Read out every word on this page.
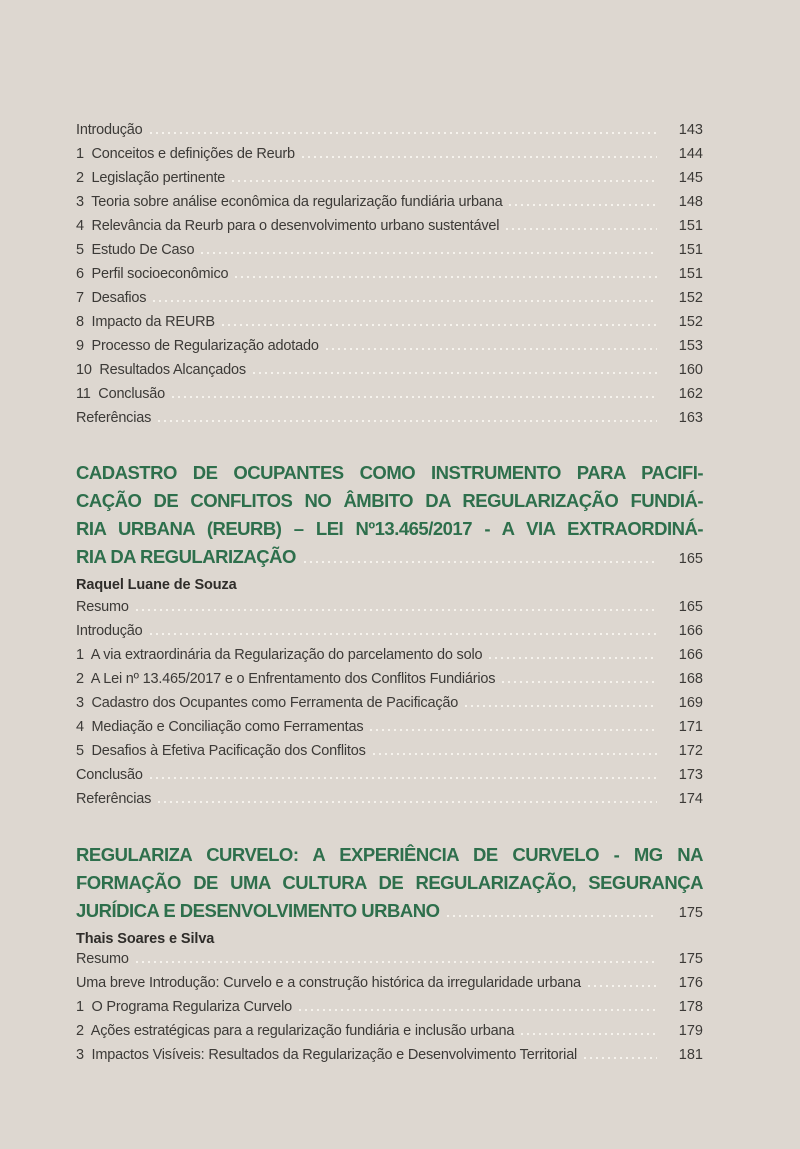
Introdução	143
1  Conceitos e definições de Reurb	144
2  Legislação pertinente	145
3  Teoria sobre análise econômica da regularização fundiária urbana	148
4  Relevância da Reurb para o desenvolvimento urbano sustentável	151
5  Estudo De Caso	151
6  Perfil socioeconômico	151
7  Desafios	152
8  Impacto da REURB	152
9  Processo de Regularização adotado	153
10  Resultados Alcançados	160
11  Conclusão	162
Referências	163
CADASTRO DE OCUPANTES COMO INSTRUMENTO PARA PACIFI-
CAÇÃO DE CONFLITOS NO ÂMBITO DA REGULARIZAÇÃO FUNDIÁ-
RIA URBANA (REURB) – LEI Nº13.465/2017 - A VIA EXTRAORDINÁ-
RIA DA REGULARIZAÇÃO	165
Raquel Luane de Souza
Resumo	165
Introdução	166
1  A via extraordinária da Regularização do parcelamento do solo	166
2  A Lei nº 13.465/2017 e o Enfrentamento dos Conflitos Fundiários	168
3  Cadastro dos Ocupantes como Ferramenta de Pacificação	169
4  Mediação e Conciliação como Ferramentas	171
5  Desafios à Efetiva Pacificação dos Conflitos	172
Conclusão	173
Referências	174
REGULARIZA CURVELO: A EXPERIÊNCIA DE CURVELO - MG NA
FORMAÇÃO DE UMA CULTURA DE REGULARIZAÇÃO, SEGURANÇA
JURÍDICA E DESENVOLVIMENTO URBANO	175
Thais Soares e Silva
Resumo	175
Uma breve Introdução: Curvelo e a construção histórica da irregularidade urbana	176
1  O Programa Regulariza Curvelo	178
2  Ações estratégicas para a regularização fundiária e inclusão urbana	179
3  Impactos Visíveis: Resultados da Regularização e Desenvolvimento Territorial	181
